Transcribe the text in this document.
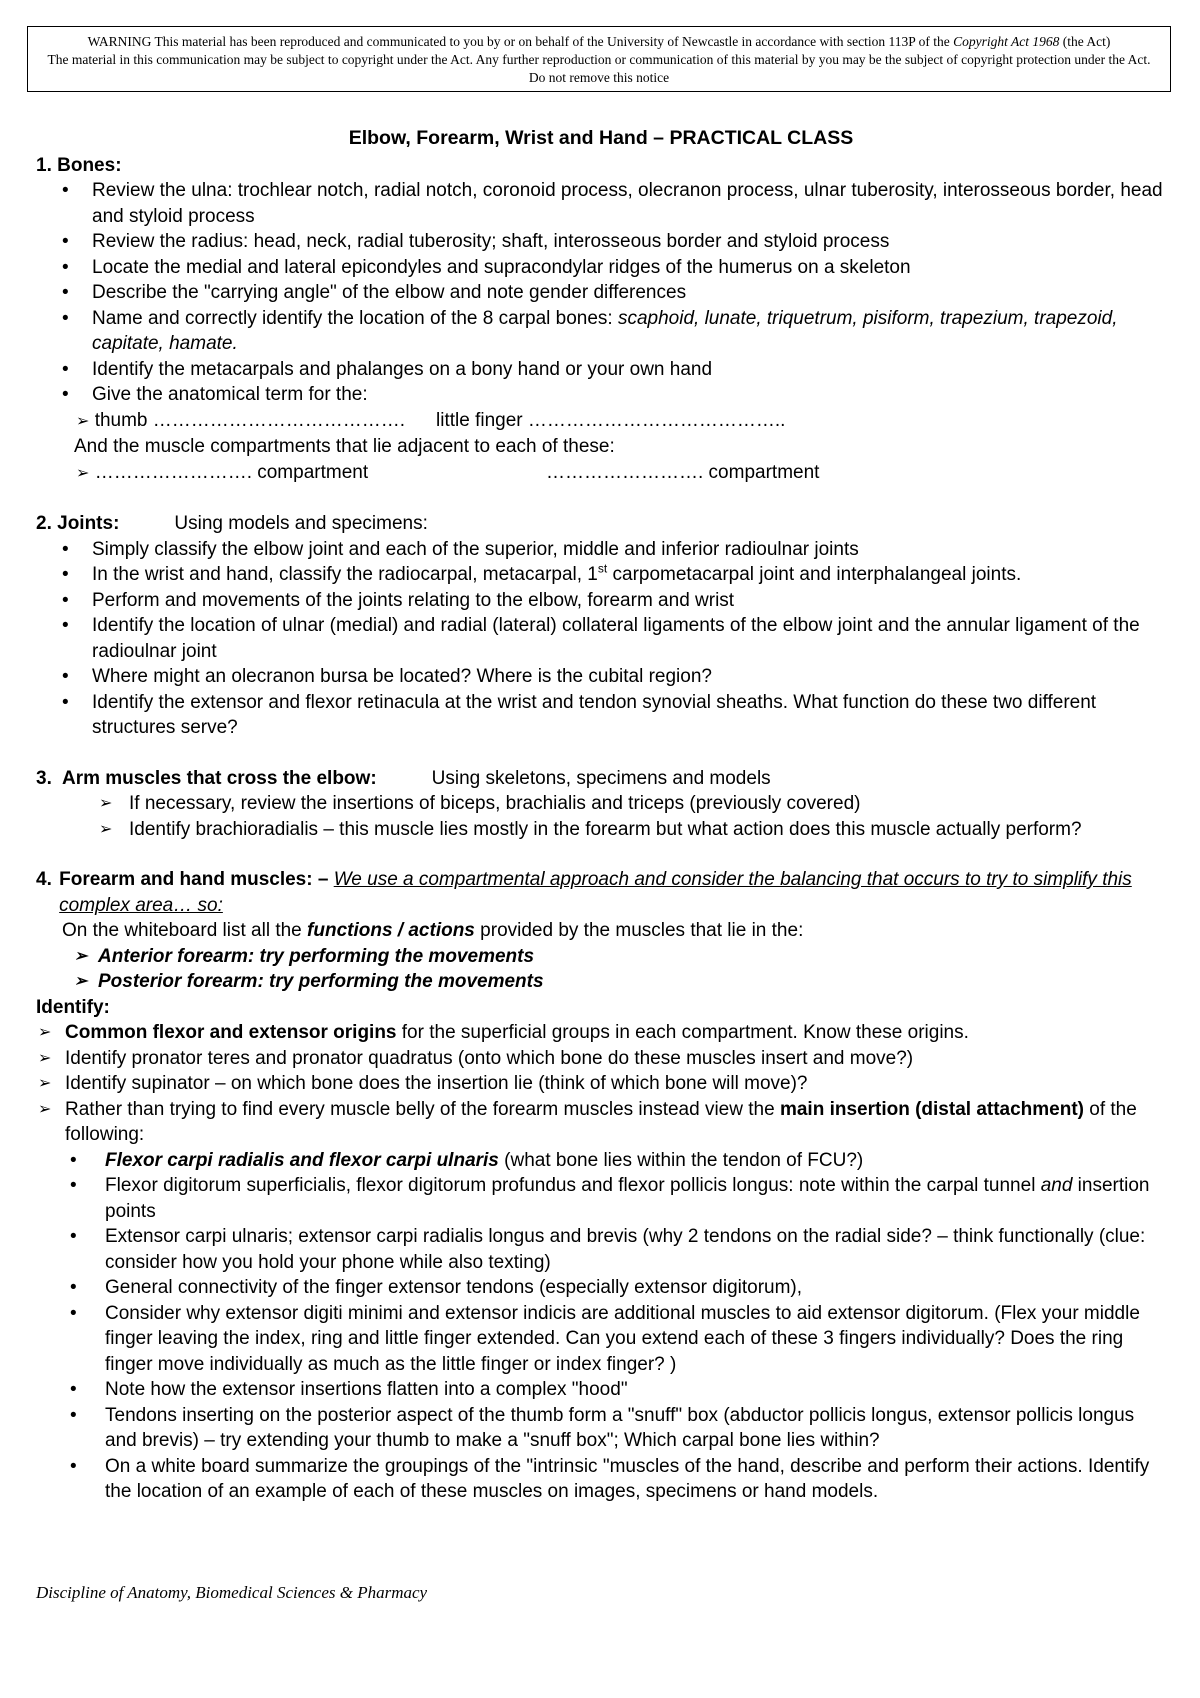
WARNING This material has been reproduced and communicated to you by or on behalf of the University of Newcastle in accordance with section 113P of the Copyright Act 1968 (the Act)
The material in this communication may be subject to copyright under the Act. Any further reproduction or communication of this material by you may be the subject of copyright protection under the Act.
Do not remove this notice
Elbow, Forearm, Wrist and Hand – PRACTICAL CLASS
1. Bones:
• Review the ulna: trochlear notch, radial notch, coronoid process, olecranon process, ulnar tuberosity, interosseous border, head and styloid process
• Review the radius: head, neck, radial tuberosity; shaft, interosseous border and styloid process
• Locate the medial and lateral epicondyles and supracondylar ridges of the humerus on a skeleton
• Describe the "carrying angle" of the elbow and note gender differences
• Name and correctly identify the location of the 8 carpal bones: scaphoid, lunate, triquetrum, pisiform, trapezium, trapezoid, capitate, hamate.
• Identify the metacarpals and phalanges on a bony hand or your own hand
• Give the anatomical term for the:
➢ thumb …………………………………. little finger …………………………………..
And the muscle compartments that lie adjacent to each of these:
➢ ……………………. compartment	……………………. compartment
2. Joints:	Using models and specimens:
• Simply classify the elbow joint and each of the superior, middle and inferior radioulnar joints
• In the wrist and hand, classify the radiocarpal, metacarpal, 1st carpometacarpal joint and interphalangeal joints.
• Perform and movements of the joints relating to the elbow, forearm and wrist
• Identify the location of ulnar (medial) and radial (lateral) collateral ligaments of the elbow joint and the annular ligament of the radioulnar joint
• Where might an olecranon bursa be located? Where is the cubital region?
• Identify the extensor and flexor retinacula at the wrist and tendon synovial sheaths. What function do these two different structures serve?
3. Arm muscles that cross the elbow:	Using skeletons, specimens and models
➢ If necessary, review the insertions of biceps, brachialis and triceps (previously covered)
➢ Identify brachioradialis – this muscle lies mostly in the forearm but what action does this muscle actually perform?
4. Forearm and hand muscles: – We use a compartmental approach and consider the balancing that occurs to try to simplify this complex area… so:
On the whiteboard list all the functions / actions provided by the muscles that lie in the:
➢ Anterior forearm: try performing the movements
➢ Posterior forearm: try performing the movements
Identify:
➢ Common flexor and extensor origins for the superficial groups in each compartment. Know these origins.
➢ Identify pronator teres and pronator quadratus (onto which bone do these muscles insert and move?)
➢ Identify supinator – on which bone does the insertion lie (think of which bone will move)?
➢ Rather than trying to find every muscle belly of the forearm muscles instead view the main insertion (distal attachment) of the following:
• Flexor carpi radialis and flexor carpi ulnaris (what bone lies within the tendon of FCU?)
• Flexor digitorum superficialis, flexor digitorum profundus and flexor pollicis longus: note within the carpal tunnel and insertion points
• Extensor carpi ulnaris; extensor carpi radialis longus and brevis (why 2 tendons on the radial side? – think functionally (clue: consider how you hold your phone while also texting)
• General connectivity of the finger extensor tendons (especially extensor digitorum),
• Consider why extensor digiti minimi and extensor indicis are additional muscles to aid extensor digitorum. (Flex your middle finger leaving the index, ring and little finger extended. Can you extend each of these 3 fingers individually? Does the ring finger move individually as much as the little finger or index finger? )
• Note how the extensor insertions flatten into a complex "hood"
• Tendons inserting on the posterior aspect of the thumb form a "snuff" box (abductor pollicis longus, extensor pollicis longus and brevis) – try extending your thumb to make a "snuff box"; Which carpal bone lies within?
• On a white board summarize the groupings of the "intrinsic "muscles of the hand, describe and perform their actions. Identify the location of an example of each of these muscles on images, specimens or hand models.
Discipline of Anatomy, Biomedical Sciences & Pharmacy
